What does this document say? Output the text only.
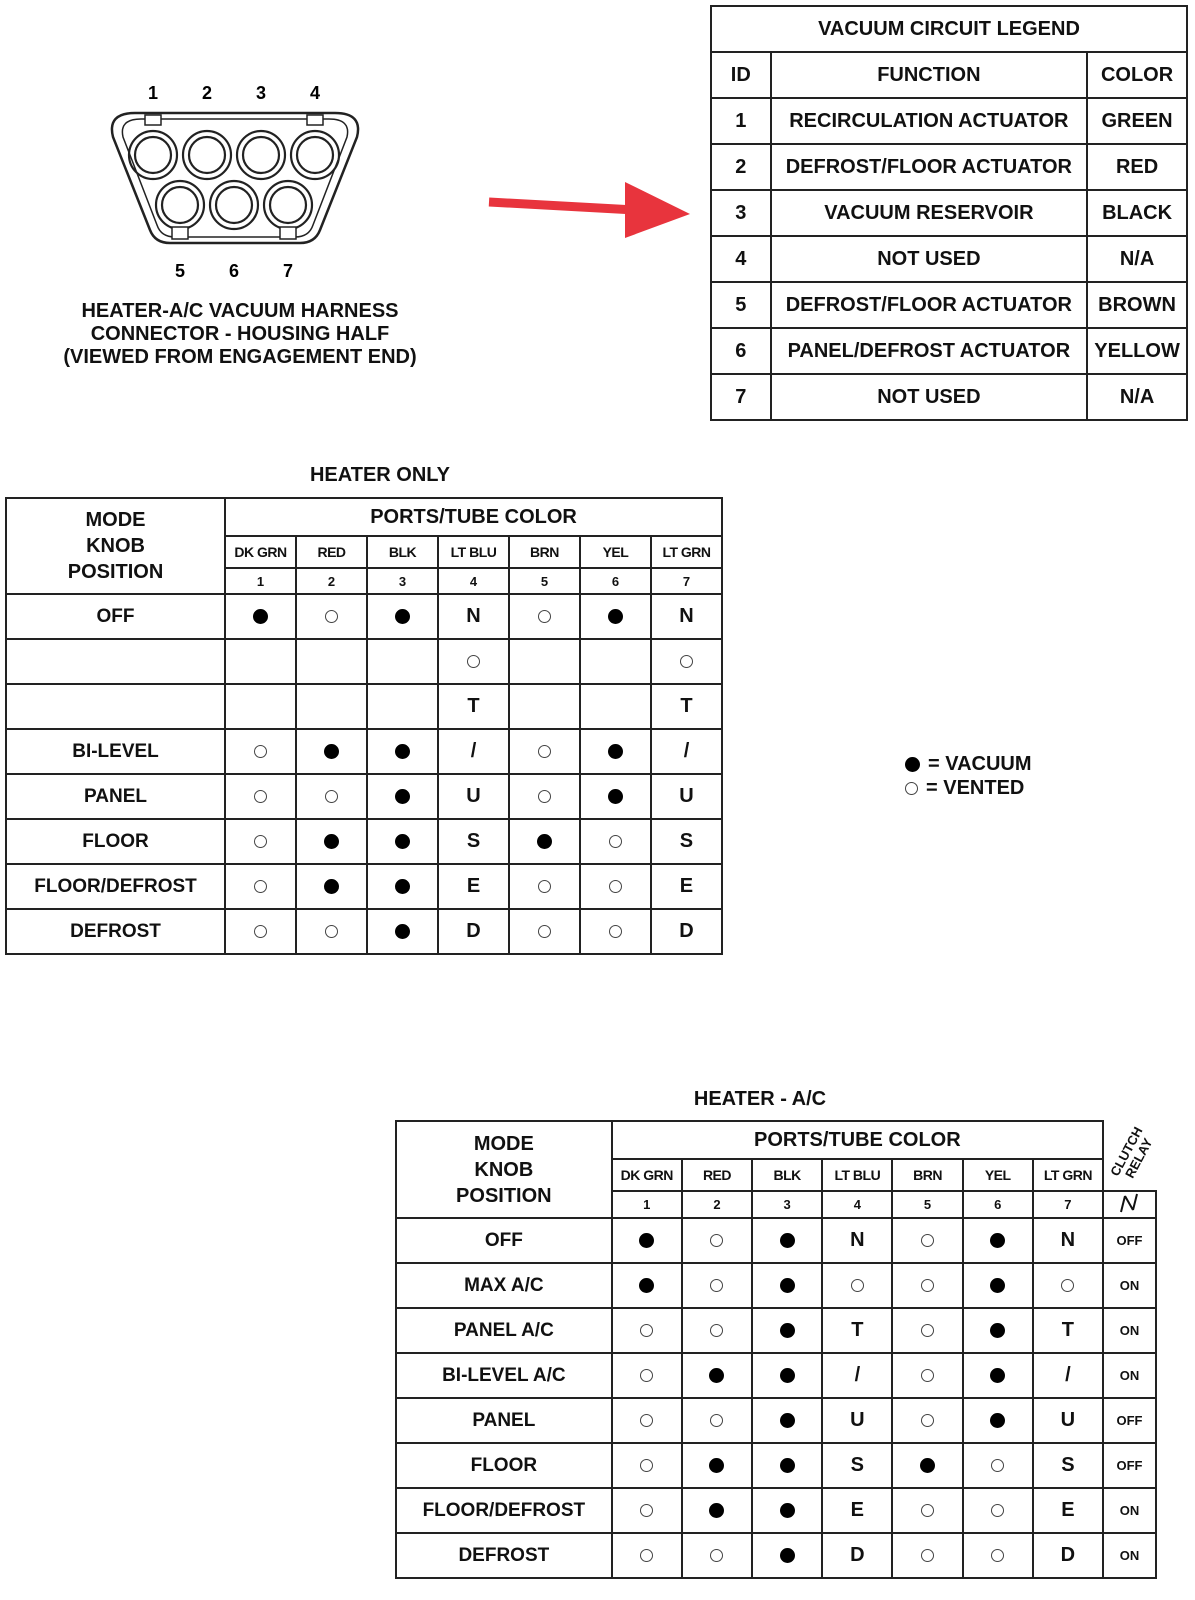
1 2 3 4
5 6 7
HEATER-A/C VACUUM HARNESS
CONNECTOR - HOUSING HALF
(VIEWED FROM ENGAGEMENT END)
VACUUM CIRCUIT LEGEND		
ID	FUNCTION	COLOR
1	RECIRCULATION ACTUATOR	GREEN
2	DEFROST/FLOOR ACTUATOR	RED
3	VACUUM RESERVOIR	BLACK
4	NOT USED	N/A
5	DEFROST/FLOOR ACTUATOR	BROWN
6	PANEL/DEFROST ACTUATOR	YELLOW
7	NOT USED	N/A
= VACUUM
= VENTED
HEATER ONLY
MODE
KNOB
POSITION	PORTS/TUBE COLOR						
	DK GRN	RED	BLK	LT BLU	BRN	YEL	LT GRN
	1	2	3	4	5	6	7
OFF				N			N

				T			T
BI-LEVEL				/			/
PANEL				U			U
FLOOR				S			S
FLOOR/DEFROST				E			E
DEFROST				D			D
HEATER - A/C
MODE
KNOB
POSITION	PORTS/TUBE COLOR							CLUTCH RELAY

	DK GRN	RED	BLK	LT BLU	BRN	YEL	LT GRN	
	1	2	3	4	5	6	7	
OFF				N			N	OFF
MAX A/C								ON
PANEL A/C				T			T	ON
BI-LEVEL A/C				/			/	ON
PANEL				U			U	OFF
FLOOR				S			S	OFF
FLOOR/DEFROST				E			E	ON
DEFROST				D			D	ON
